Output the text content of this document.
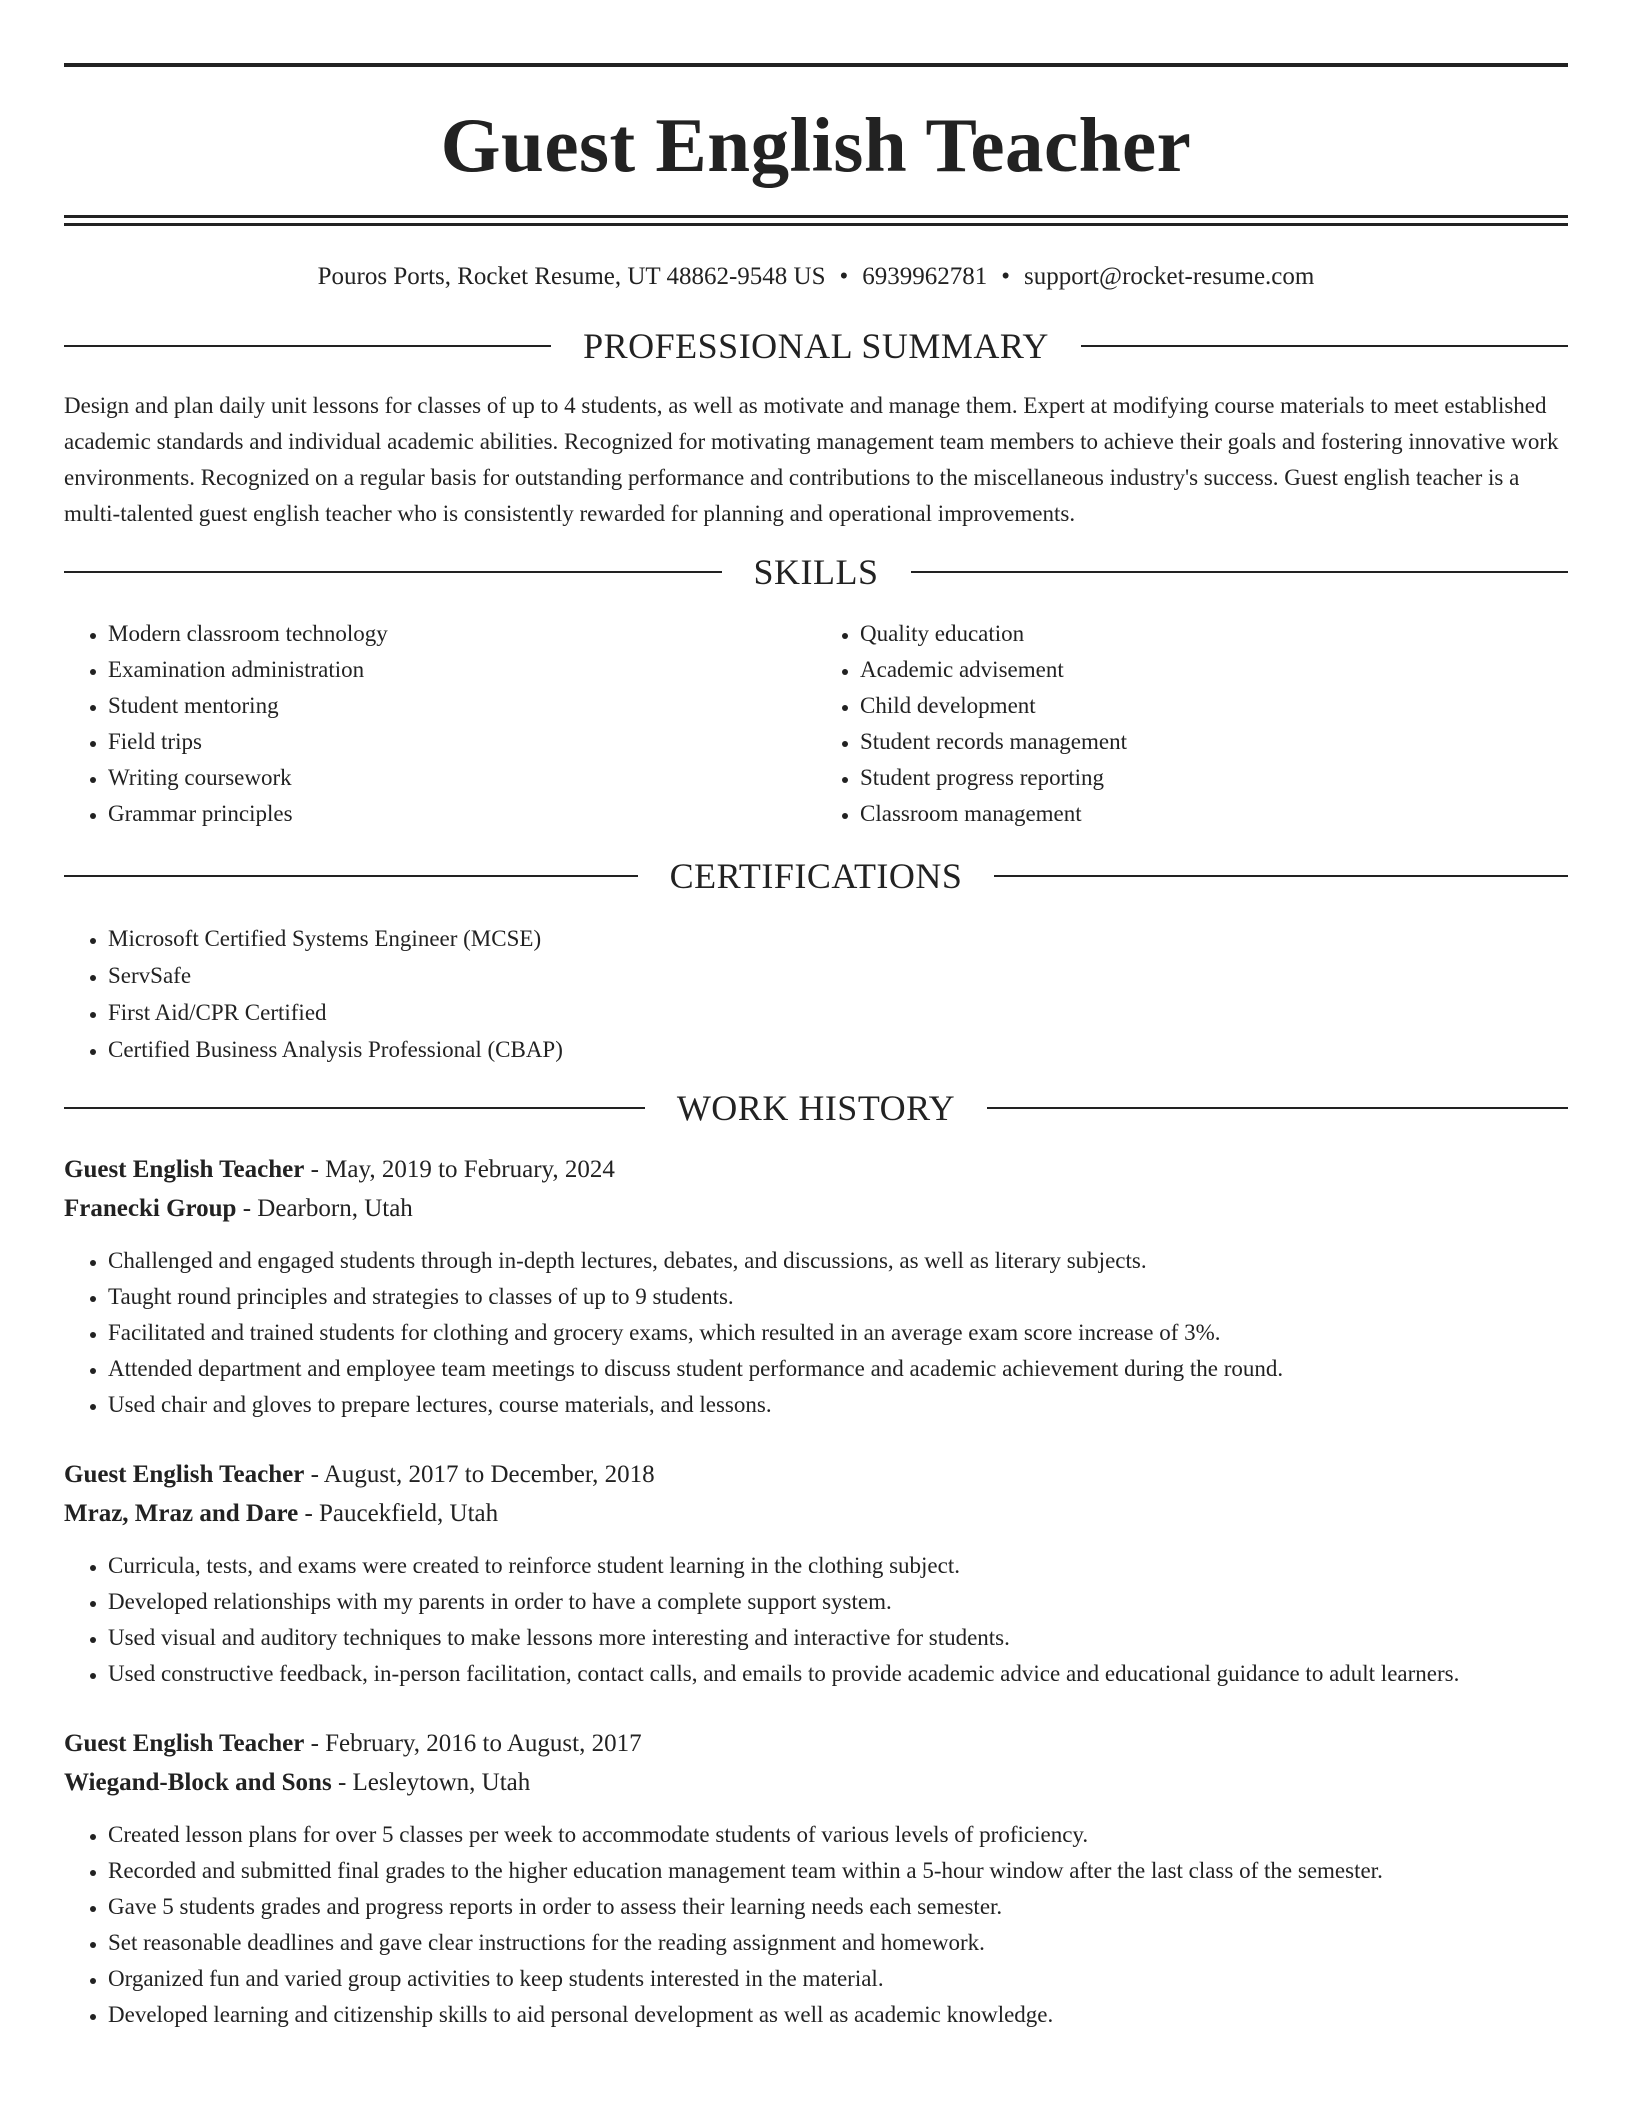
Guest English Teacher
Pouros Ports, Rocket Resume, UT 48862-9548 US • 6939962781 • support@rocket-resume.com
PROFESSIONAL SUMMARY

Design and plan daily unit lessons for classes of up to 4 students, as well as motivate and manage them. Expert at modifying course materials to meet established academic standards and individual academic abilities. Recognized for motivating management team members to achieve their goals and fostering innovative work environments. Recognized on a regular basis for outstanding performance and contributions to the miscellaneous industry's success. Guest english teacher is a multi-talented guest english teacher who is consistently rewarded for planning and operational improvements.

SKILLS
• Modern classroom technology
• Examination administration
• Student mentoring
• Field trips
• Writing coursework
• Grammar principles
• Quality education
• Academic advisement
• Child development
• Student records management
• Student progress reporting
• Classroom management
CERTIFICATIONS
• Microsoft Certified Systems Engineer (MCSE)
• ServSafe
• First Aid/CPR Certified
• Certified Business Analysis Professional (CBAP)
WORK HISTORY
Guest English Teacher - May, 2019 to February, 2024
Franecki Group - Dearborn, Utah
• Challenged and engaged students through in-depth lectures, debates, and discussions, as well as literary subjects.
• Taught round principles and strategies to classes of up to 9 students.
• Facilitated and trained students for clothing and grocery exams, which resulted in an average exam score increase of 3%.
• Attended department and employee team meetings to discuss student performance and academic achievement during the round.
• Used chair and gloves to prepare lectures, course materials, and lessons.
Guest English Teacher - August, 2017 to December, 2018
Mraz, Mraz and Dare - Paucekfield, Utah
• Curricula, tests, and exams were created to reinforce student learning in the clothing subject.
• Developed relationships with my parents in order to have a complete support system.
• Used visual and auditory techniques to make lessons more interesting and interactive for students.
• Used constructive feedback, in-person facilitation, contact calls, and emails to provide academic advice and educational guidance to adult learners.
Guest English Teacher - February, 2016 to August, 2017
Wiegand-Block and Sons - Lesleytown, Utah
• Created lesson plans for over 5 classes per week to accommodate students of various levels of proficiency.
• Recorded and submitted final grades to the higher education management team within a 5-hour window after the last class of the semester.
• Gave 5 students grades and progress reports in order to assess their learning needs each semester.
• Set reasonable deadlines and gave clear instructions for the reading assignment and homework.
• Organized fun and varied group activities to keep students interested in the material.
• Developed learning and citizenship skills to aid personal development as well as academic knowledge.
